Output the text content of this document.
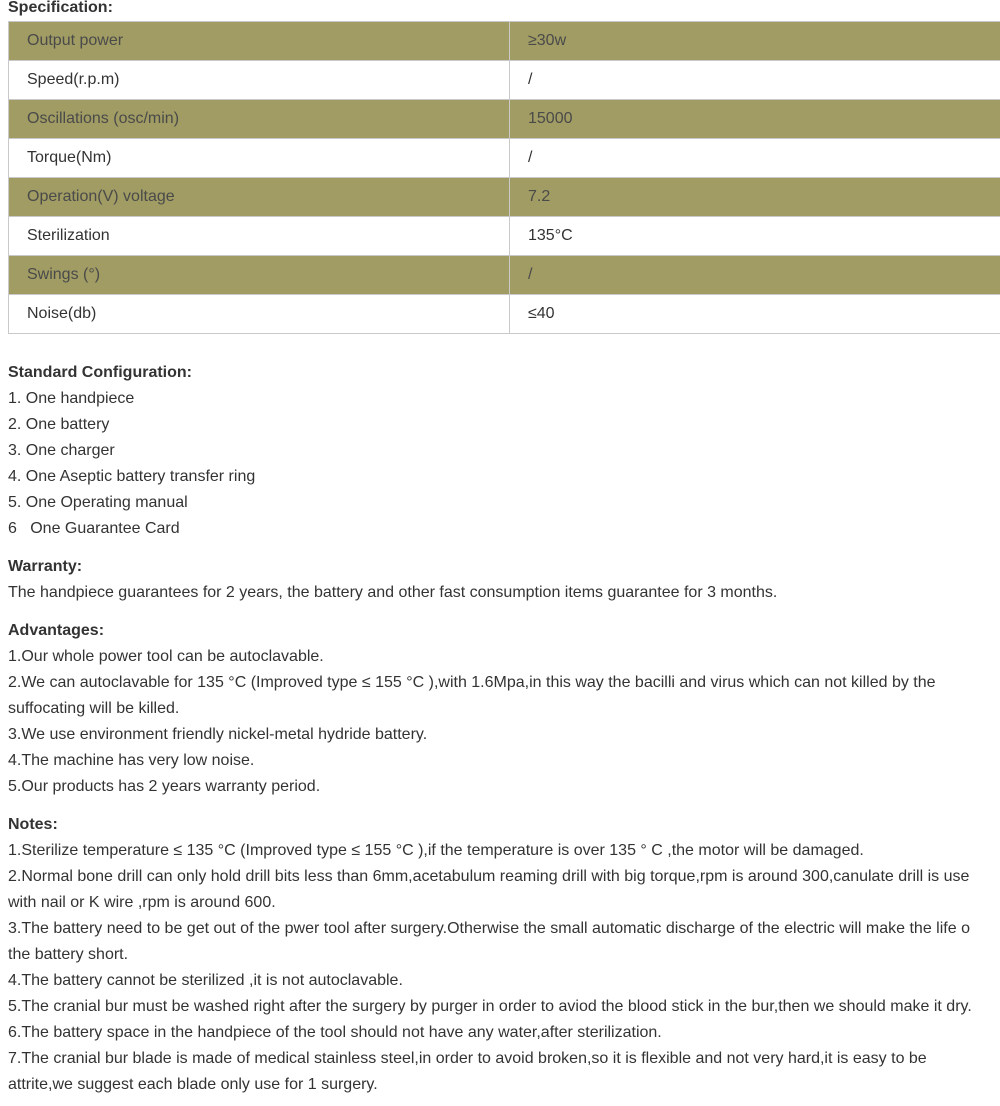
Specification:
Output power	≥30w
Speed(r.p.m)	/
Oscillations (osc/min)	15000
Torque(Nm)	/
Operation(V) voltage	7.2
Sterilization	135°C
Swings (°)	/
Noise(db)	≤40
Standard Configuration:
1. One handpiece
2. One battery
3. One charger
4. One Aseptic battery transfer ring
5. One Operating manual
6   One Guarantee Card
Warranty:
The handpiece guarantees for 2 years, the battery and other fast consumption items guarantee for 3 months.
Advantages:
1.Our whole power tool can be autoclavable.
2.We can autoclavable for 135 °C (Improved type ≤ 155 °C ),with 1.6Mpa,in this way the bacilli and virus which can not killed by the suffocating will be killed.
3.We use environment friendly nickel-metal hydride battery.
4.The machine has very low noise.
5.Our products has 2 years warranty period.
Notes:
1.Sterilize temperature ≤ 135 °C (Improved type ≤ 155 °C ),if the temperature is over 135 ° C ,the motor will be damaged.
2.Normal bone drill can only hold drill bits less than 6mm,acetabulum reaming drill with big torque,rpm is around 300,canulate drill is use
with nail or K wire ,rpm is around 600.
3.The battery need to be get out of the pwer tool after surgery.Otherwise the small automatic discharge of the electric will make the life o
the battery short.
4.The battery cannot be sterilized ,it is not autoclavable.
5.The cranial bur must be washed right after the surgery by purger in order to aviod the blood stick in the bur,then we should make it dry.
6.The battery space in the handpiece of the tool should not have any water,after sterilization.
7.The cranial bur blade is made of medical stainless steel,in order to avoid broken,so it is flexible and not very hard,it is easy to be attrite,we suggest each blade only use for 1 surgery.
